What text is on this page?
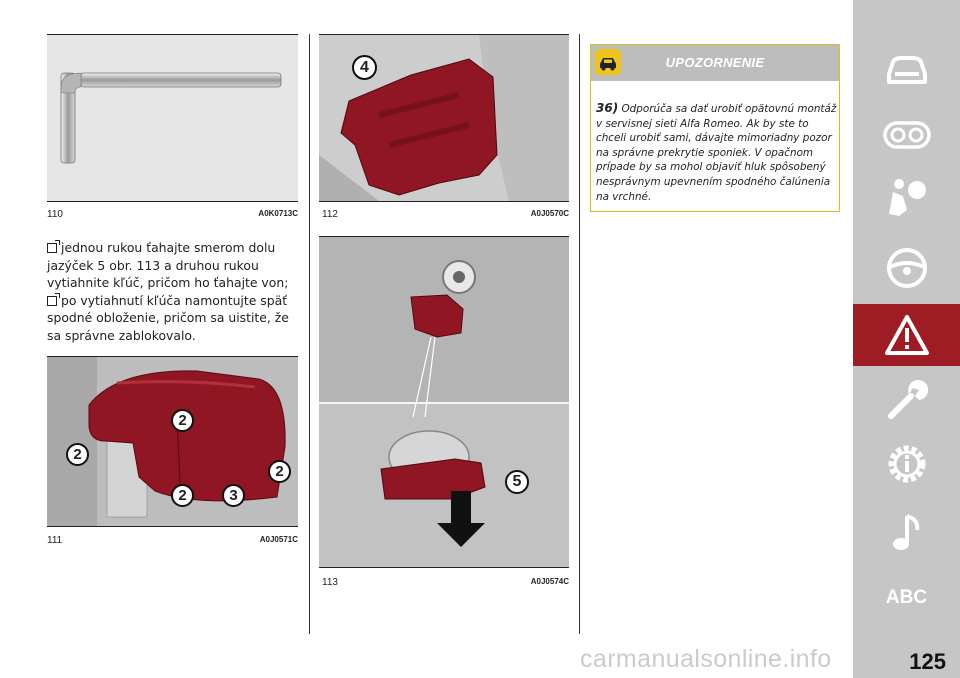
110	A0K0713C

jednou rukou ťahajte smerom dolu jazýček 5 obr. 113 a druhou rukou vytiahnite kľúč, pričom ho ťahajte von;

po vytiahnutí kľúča namontujte späť spodné obloženie, pričom sa uistite, že sa správne zablokovalo.

2
2
2	3
2
111	A0J0571C
4
112	A0J0570C
5
113	A0J0574C
UPOZORNENIE
36) Odporúča sa dať urobiť opätovnú montáž v servisnej sieti Alfa Romeo. Ak by ste to chceli urobiť sami, dávajte mimoriadny pozor na správne prekrytie sponiek. V opačnom prípade by sa mohol objaviť hluk spôsobený nesprávnym upevnením spodného čalúnenia na vrchné.
ABC
125
carmanualsonline.info
